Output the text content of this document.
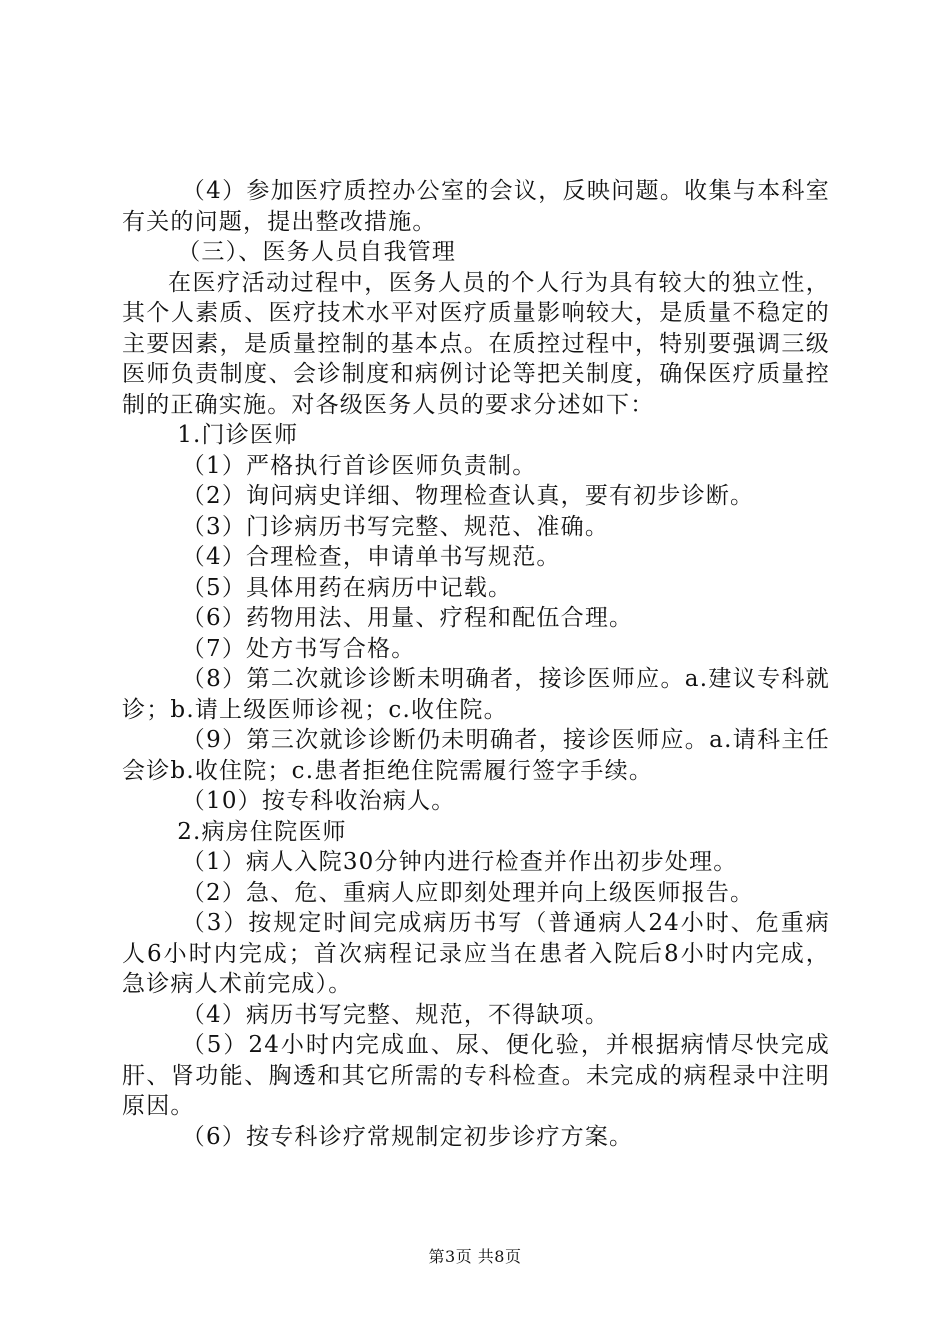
（4）参加医疗质控办公室的会议，反映问题。收集与本科室有关的问题，提出整改措施。

（三）、医务人员自我管理

在医疗活动过程中，医务人员的个人行为具有较大的独立性，其个人素质、医疗技术水平对医疗质量影响较大，是质量不稳定的主要因素，是质量控制的基本点。在质控过程中，特别要强调三级医师负责制度、会诊制度和病例讨论等把关制度，确保医疗质量控制的正确实施。对各级医务人员的要求分述如下：

1.门诊医师

（1）严格执行首诊医师负责制。

（2）询问病史详细、物理检查认真，要有初步诊断。

（3）门诊病历书写完整、规范、准确。

（4）合理检查，申请单书写规范。

（5）具体用药在病历中记载。

（6）药物用法、用量、疗程和配伍合理。

（7）处方书写合格。

（8）第二次就诊诊断未明确者，接诊医师应。a.建议专科就诊；b.请上级医师诊视；c.收住院。

（9）第三次就诊诊断仍未明确者，接诊医师应。a.请科主任会诊b.收住院；c.患者拒绝住院需履行签字手续。

（10）按专科收治病人。

2.病房住院医师

（1）病人入院30分钟内进行检查并作出初步处理。

（2）急、危、重病人应即刻处理并向上级医师报告。

（3）按规定时间完成病历书写（普通病人24小时、危重病人6小时内完成；首次病程记录应当在患者入院后8小时内完成，急诊病人术前完成）。

（4）病历书写完整、规范，不得缺项。

（5）24小时内完成血、尿、便化验，并根据病情尽快完成肝、肾功能、胸透和其它所需的专科检查。未完成的病程录中注明原因。

（6）按专科诊疗常规制定初步诊疗方案。

第3页 共8页
